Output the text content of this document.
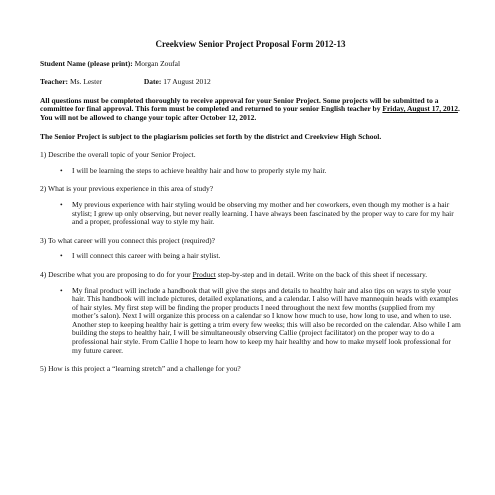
Creekview Senior Project Proposal Form 2012-13
Student Name (please print): Morgan Zoufal
Teacher: Ms. Lester	Date: 17 August 2012
All questions must be completed thoroughly to receive approval for your Senior Project. Some projects will be submitted to a committee for final approval. This form must be completed and returned to your senior English teacher by Friday, August 17, 2012. You will not be allowed to change your topic after October 12, 2012.
The Senior Project is subject to the plagiarism policies set forth by the district and Creekview High School.
1) Describe the overall topic of your Senior Project.
• I will be learning the steps to achieve healthy hair and how to properly style my hair.
2) What is your previous experience in this area of study?
• My previous experience with hair styling would be observing my mother and her coworkers, even though my mother is a hair stylist; I grew up only observing, but never really learning. I have always been fascinated by the proper way to care for my hair and a proper, professional way to style my hair.
3) To what career will you connect this project (required)?
• I will connect this career with being a hair stylist.
4) Describe what you are proposing to do for your Product step-by-step and in detail. Write on the back of this sheet if necessary.
• My final product will include a handbook that will give the steps and details to healthy hair and also tips on ways to style your hair. This handbook will include pictures, detailed explanations, and a calendar. I also will have mannequin heads with examples of hair styles. My first step will be finding the proper products I need throughout the next few months (supplied from my mother’s salon). Next I will organize this process on a calendar so I know how much to use, how long to use, and when to use. Another step to keeping healthy hair is getting a trim every few weeks; this will also be recorded on the calendar. Also while I am building the steps to healthy hair, I will be simultaneously observing Callie (project facilitator) on the proper way to do a professional hair style. From Callie I hope to learn how to keep my hair healthy and how to make myself look professional for my future career.
5) How is this project a “learning stretch” and a challenge for you?
